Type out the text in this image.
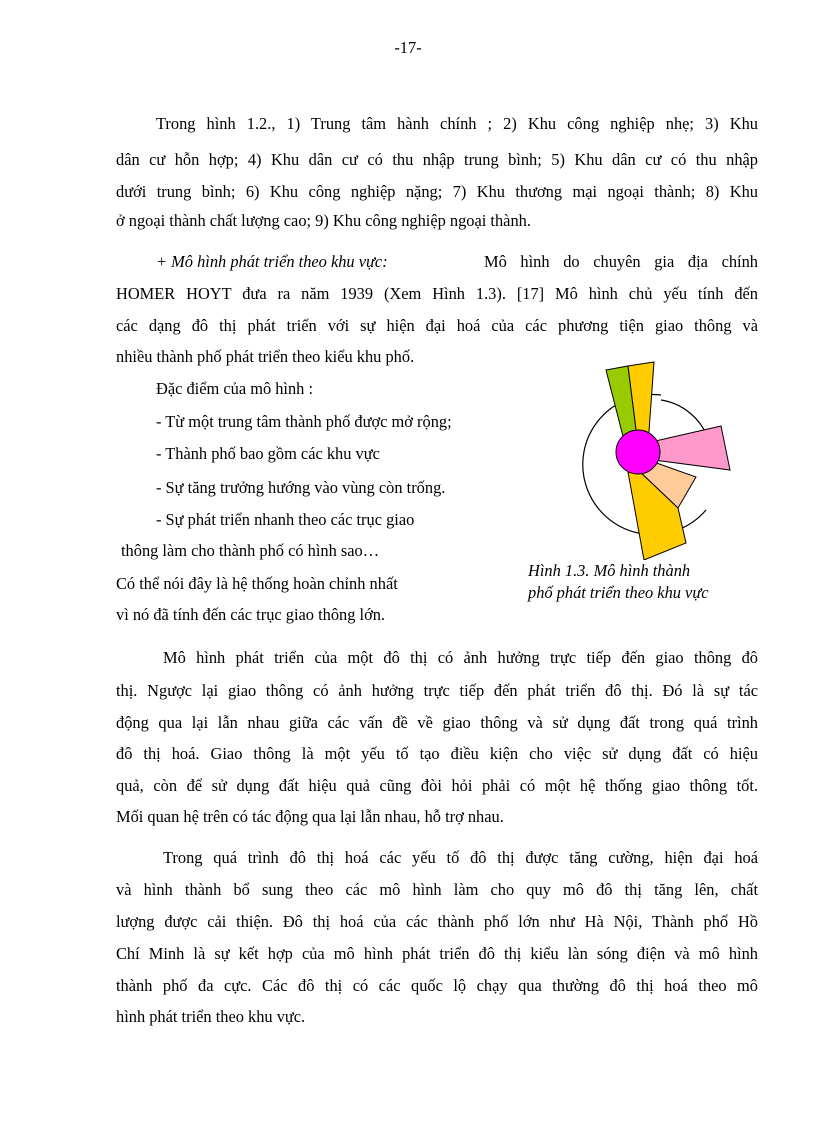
-17-
Trong hình 1.2., 1) Trung tâm hành chính ; 2) Khu công nghiệp nhẹ; 3) Khu
dân cư hỗn hợp; 4) Khu dân cư có thu nhập trung bình; 5) Khu dân cư có thu nhập
dưới trung bình; 6) Khu công nghiệp nặng; 7) Khu thương mại ngoại thành; 8) Khu
ở ngoại thành chất lượng cao; 9) Khu công nghiệp ngoại thành.
+ Mô hình phát triển theo khu vực:	Mô hình do chuyên gia địa chính
HOMER HOYT đưa ra năm 1939 (Xem Hình 1.3). [17] Mô hình chủ yếu tính đến
các dạng đô thị phát triển với sự hiện đại hoá của các phương tiện giao thông và
nhiều thành phố phát triển theo kiểu khu phố.
Đặc điểm của mô hình :
- Từ một trung tâm thành phố được mở rộng;
- Thành phố bao gồm các khu vực
- Sự tăng trưởng hướng vào vùng còn trống.
- Sự phát triển nhanh theo các trục giao
thông làm cho thành phố có hình sao…
Có thể nói đây là hệ thống hoàn chỉnh nhất
vì nó đã tính đến các trục giao thông lớn.
Hình 1.3. Mô hình thành
phố phát triển theo khu vực
Mô hình phát triển của một đô thị có ảnh hưởng trực tiếp đến giao thông đô
thị. Ngược lại giao thông có ảnh hưởng trực tiếp đến phát triển đô thị. Đó là sự tác
động qua lại lẫn nhau giữa các vấn đề về giao thông và sử dụng đất trong quá trình
đô thị hoá. Giao thông là một yếu tố tạo điều kiện cho việc sử dụng đất có hiệu
quả, còn để sử dụng đất hiệu quả cũng đòi hỏi phải có một hệ thống giao thông tốt.
Mối quan hệ trên có tác động qua lại lẫn nhau, hỗ trợ nhau.
Trong quá trình đô thị hoá các yếu tố đô thị được tăng cường, hiện đại hoá
và hình thành bổ sung theo các mô hình làm cho quy mô đô thị tăng lên, chất
lượng được cải thiện. Đô thị hoá của các thành phố lớn như Hà Nội, Thành phố Hồ
Chí Minh là sự kết hợp của mô hình phát triển đô thị kiểu làn sóng điện và mô hình
thành phố đa cực. Các đô thị có các quốc lộ chạy qua thường đô thị hoá theo mô
hình phát triển theo khu vực.
